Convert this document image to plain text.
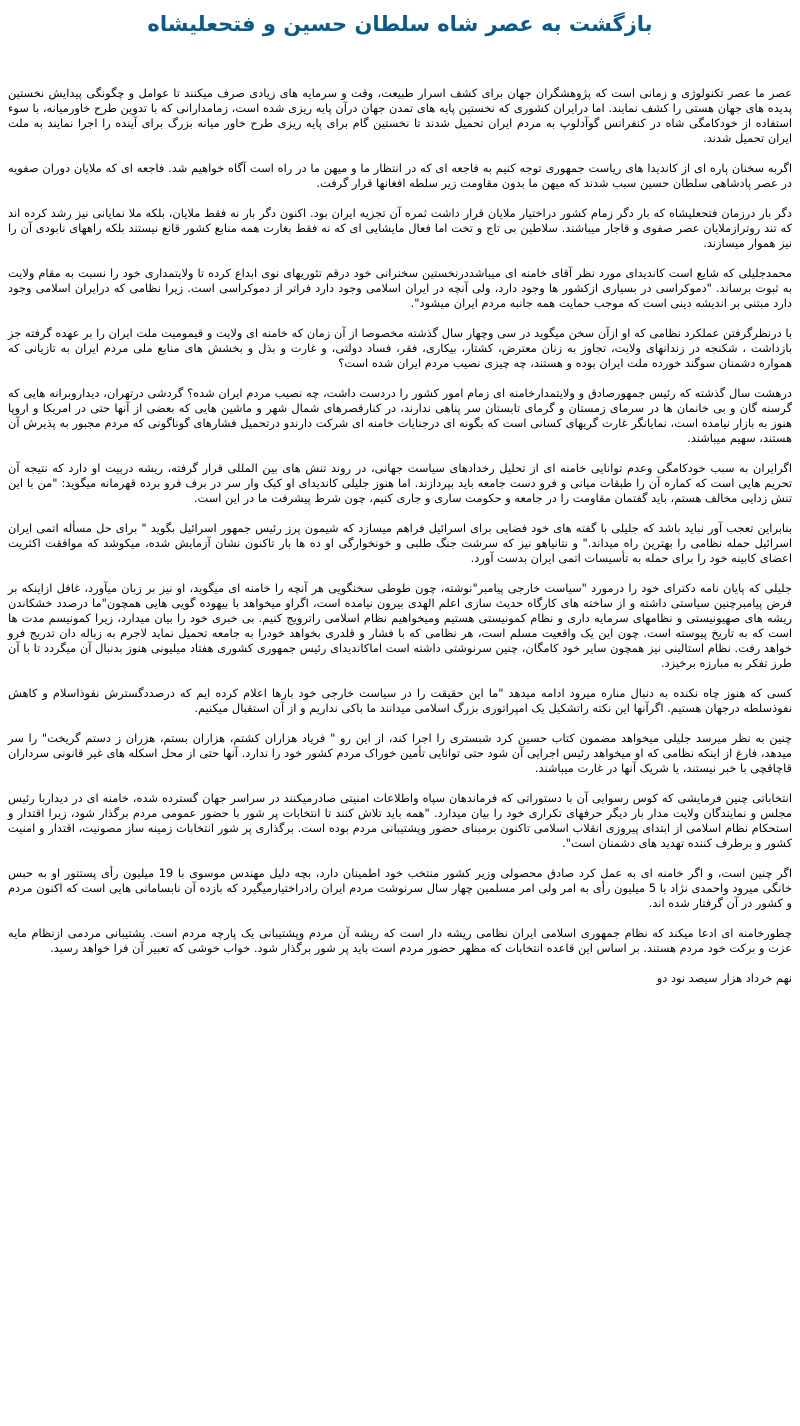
بازگشت به عصر شاه سلطان حسین و فتحعلیشاه

عصر ما عصر تکنولوژی و زمانی است که پژوهشگران جهان برای کشف اسرار طبیعت، وقت و سرمایه های زیادی صرف میکنند تا عوامل و چگونگی پیدایش نخستین پدیده های جهان هستی را کشف نمایند. اما درایران کشوری که نخستین پایه های تمدن جهان درآن پایه ریزی شده است، زمامدارانی که با تدوین طرح خاورمیانه، با سوء استفاده از خودکامگی شاه در کنفرانس گوآدلوپ به مردم ایران تحمیل شدند تا نخستین گام برای پایه ریزی طرح خاور میانه بزرگ برای آینده را اجرا نمایند به ملت ایران تحمیل شدند.

اگربه سخنان پاره ای از کاندیدا های ریاست جمهوری توجه کنیم به فاجعه ای که در انتظار ما و میهن ما در راه است آگاه خواهیم شد. فاجعه ای که ملایان دوران صفویه در عصر پادشاهی سلطان حسین سبب شدند که میهن ما بدون مقاومت زیر سلطه افغانها قرار گرفت.

دگر بار درزمان فتحعلیشاه که بار دگر زمام کشور دراختیار ملایان قرار داشت ثمره آن تجزیه ایران بود. اکنون دگر بار نه فقط ملایان، بلکه ملا نمایانی نیز رشد کرده اند که تند روترازملایان عصر صفوی و قاجار میباشند. سلاطین بی تاج و تخت اما فعال مایشایی ای که نه فقط بغارت همه منابع کشور قانع نیستند بلکه راههای نابودی آن را نیز هموار میسازند.

محمدجلیلی که شایع است کاندیدای مورد نظر آقای خامنه ای میباشددرنخستین سخنرانی خود درقم تئوریهای نوی ابداع کرده تا ولایتمداری خود را نسبت به مقام ولایت به ثبوت برساند. "دموکراسی در بسیاری ازکشور ها وجود دارد، ولی آنچه در ایران اسلامی وجود دارد فراتر از دموکراسی است. زیرا نظامی که درایران اسلامی وجود دارد مبتنی بر اندیشه دینی است که موجب حمایت همه جانبه مردم ایران میشود".

با درنظرگرفتن عملکرد نظامی که او ازآن سخن میگوید در سی وچهار سال گذشته مخصوصا از آن زمان که خامنه ای ولایت و قیمومیت ملت ایران را بر عهده گرفته جز بازداشت ، شکنجه در زندانهای ولایت، تجاوز به زنان معترض، کشتار، بیکاری، فقر، فساد دولتی، و غارت و بذل و بخشش های منابع ملی مردم ایران به تازیانی که همواره دشمنان سوگند خورده ملت ایران بوده و هستند، چه چیزی نصیب مردم ایران شده است؟

درهشت سال گذشته که رئیس جمهورصادق و ولایتمدارخامنه ای زمام امور کشور را دردست داشت، چه نصیب مردم ایران شده؟ گردشی درتهران، دیداروبرانه هایی که گرسنه گان و بی خانمان ها در سرمای زمستان و گرمای تابستان سر پناهی ندارند، در کنارقصرهای شمال شهر و ماشین هایی که بعضی از آنها حتی در امریکا و اروپا هنوز به بازار نیامده است، نمایانگر غارت گریهای کسانی است که بگونه ای درجنایات خامنه ای شرکت دارندو درتحمیل فشارهای گوناگونی که مردم مجبور به پذیرش آن هستند، سهیم میباشند.

اگرایران به سبب خودکامگی وعدم توانایی خامنه ای از تحلیل رخدادهای سیاست جهانی، در روند تنش های بین المللی قرار گرفته، ریشه دربیت او دارد که نتیجه آن تحریم هایی است که کماره آن را طبقات میانی و فرو دست جامعه باید بپردازند. اما هنوز جلیلی کاندیدای او کبک وار سر در برف فرو برده قهرمانه میگوید: "من با این تنش زدایی مخالف هستم، باید گفتمان مقاومت را در جامعه و حکومت ساری و جاری کنیم، چون شرط پیشرفت ما در این است.

بنابراین تعجب آور نباید باشد که جلیلی با گفته های خود فضایی برای اسرائیل فراهم میسازد که شیمون پرز رئیس جمهور اسرائیل بگوید " برای حل مسأله اتمی ایران اسرائیل حمله نظامی را بهترین راه میداند." و نتانیاهو نیز که سرشت جنگ طلبی و خونخوارگی او ده ها بار تاکنون نشان آزمایش شده، میکوشد که موافقت اکثریت اعضای کابینه خود را برای حمله به تأسیسات اتمی ایران بدست آورد.

جلیلی که پایان نامه دکترای خود را درمورد "سیاست خارجی پیامبر"نوشته، چون طوطی سخنگویی هر آنچه را خامنه ای میگوید، او نیز بر زبان میآورد، غافل ازاینکه بر فرض پیامبرچنین سیاستی داشته و از ساخته های کارگاه حدیث سازی اعلم الهدی بیرون نیامده است، اگراو میخواهد با بیهوده گویی هایی همچون"ما درصدد خشکاندن ریشه های صهیونیستی و نظامهای سرمایه داری و نظام کمونیستی هستیم ومیخواهیم نظام اسلامی راترویج کنیم. بی خبری خود را بیان میدارد، زیرا کمونیسم مدت ها است که به تاریخ پیوسته است. چون این یک واقعیت مسلم است، هر نظامی که با فشار و قلدری بخواهد خودرا به جامعه تحمیل نماید لاجرم به زباله دان تدریج فرو خواهد رفت. نظام استالینی نیز همچون سایر خود کامگان، چنین سرنوشتی داشته است اماکاندیدای رئیس جمهوری کشوری هفتاد میلیونی هنوز بدنبال آن میگردد تا با آن طرز تفکر به مبارزه برخیزد.

کسی که هنوز چاه نکنده به دنبال مناره میرود ادامه میدهد "ما این حقیقت را در سیاست خارجی خود بارها اعلام کرده ایم که درصددگسترش نفوذاسلام و کاهش نفوذسلطه درجهان هستیم. اگرآنها این نکته راتشکیل یک امپراتوری بزرگ اسلامی میدانند ما باکی نداریم و از آن استقبال میکنیم.

چنین به نظر میرسد جلیلی میخواهد مضمون کتاب حسین کرد شبستری را اجرا کند، از این رو " فریاد هزاران کشتم، هزاران بستم، هزران ز دستم گریخت" را سر میدهد، فارغ از اینکه نظامی که او میخواهد رئیس اجرایی آن شود حتی توانایی تأمین خوراک مردم کشور خود را ندارد. آنها حتی از محل اسکله های غیر قانونی سرداران قاچاقچی با خبر نیستند، یا شریک آنها در غارت میباشند.

انتخاباتی چنین فرمایشی که کوس رسوایی آن با دستوراتی که فرماندهان سپاه واطلاعات امنیتی صادرمیکنند در سراسر جهان گسترده شده، خامنه ای در دیداربا رئیس مجلس و نمایندگان ولایت مدار بار دیگر حرفهای تکراری خود را بیان میدارد. "همه باید تلاش کنند تا انتخابات پر شور با حضور عمومی مردم برگذار شود، زیرا اقتدار و استحکام نظام اسلامی از ابتدای پیروزی انقلاب اسلامی تاکنون برمبنای حضور وپشتیبانی مردم بوده است. برگذاری پر شور انتخابات زمینه ساز مصونیت، اقتدار و امنیت کشور و برطرف کننده تهدید های دشمنان است".

اگر چنین است، و اگر خامنه ای به عمل کرد صادق محصولی وزیر کشور منتخب خود اطمینان دارد، بچه دلیل مهندس موسوی با 19 میلیون رأی پستتور او به حبس خانگی میرود واحمدی نژاد با 5 میلیون رأی به امر ولی امر مسلمین چهار سال سرنوشت مردم ایران رادراختیارمیگیرد که بازده آن نابسامانی هایی است که اکنون مردم و کشور در آن گرفتار شده اند.

چطورخامنه ای ادعا میکند که نظام جمهوری اسلامی ایران نظامی ریشه دار است که ریشه آن مردم وپشتیبانی یک پارچه مردم است. پشتیبانی مردمی ازنظام مایه عزت و برکت خود مردم هستند. بر اساس این قاعده انتخابات که مظهر حضور مردم است باید پر شور برگذار شود. خواب خوشی که تعبیر آن فرا خواهد رسید.

نهم خرداد هزار سیصد نود دو
